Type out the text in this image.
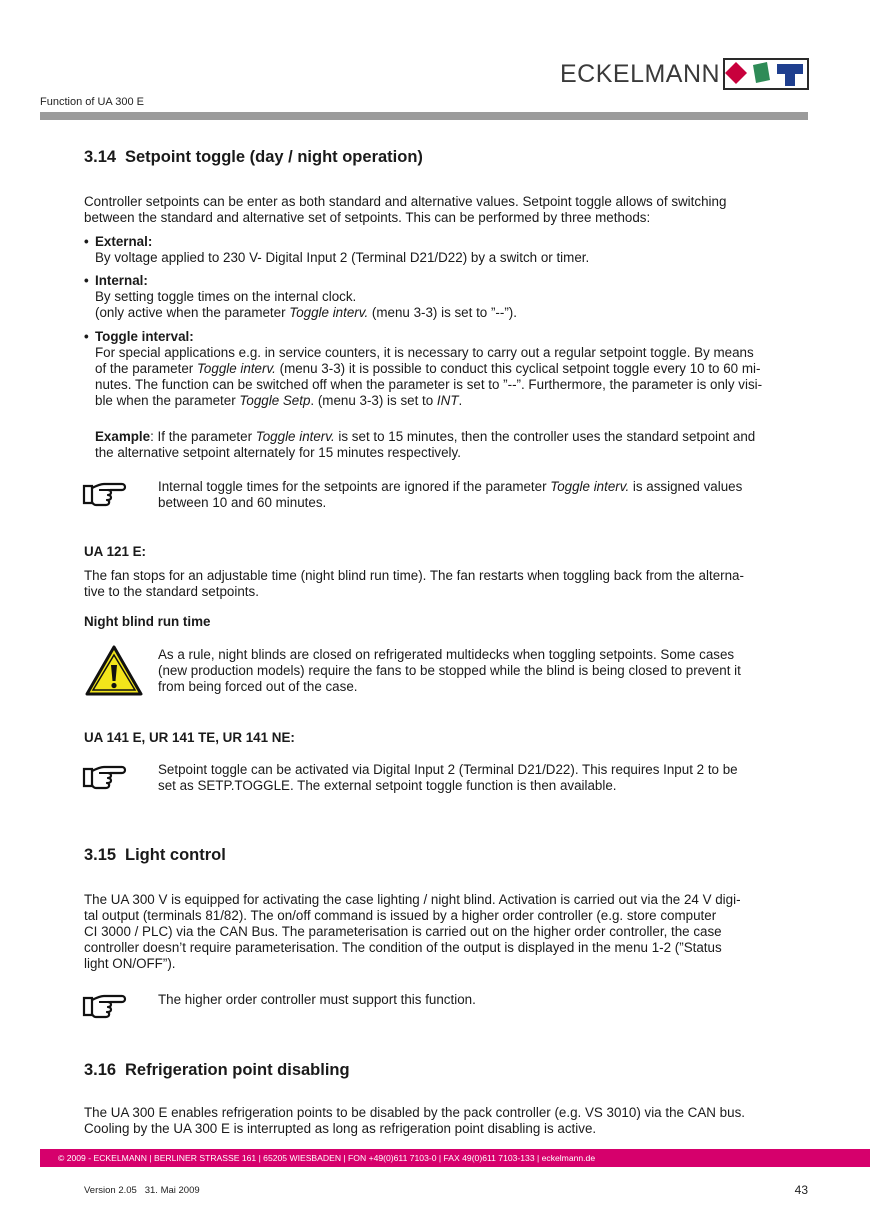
ECKELMANN
Function of UA 300 E
3.14 Setpoint toggle (day / night operation)
Controller setpoints can be enter as both standard and alternative values. Setpoint toggle allows of switching
between the standard and alternative set of setpoints. This can be performed by three methods:
• External:
By voltage applied to 230 V- Digital Input 2 (Terminal D21/D22) by a switch or timer.
• Internal:
By setting toggle times on the internal clock.
(only active when the parameter Toggle interv. (menu 3-3) is set to ”--”).
• Toggle interval:
For special applications e.g. in service counters, it is necessary to carry out a regular setpoint toggle. By means
of the parameter Toggle interv. (menu 3-3) it is possible to conduct this cyclical setpoint toggle every 10 to 60 mi-
nutes. The function can be switched off when the parameter is set to ”--”. Furthermore, the parameter is only visi-
ble when the parameter Toggle Setp. (menu 3-3) is set to INT.
Example: If the parameter Toggle interv. is set to 15 minutes, then the controller uses the standard setpoint and
the alternative setpoint alternately for 15 minutes respectively.
Internal toggle times for the setpoints are ignored if the parameter Toggle interv. is assigned values
between 10 and 60 minutes.
UA 121 E:
The fan stops for an adjustable time (night blind run time). The fan restarts when toggling back from the alterna-
tive to the standard setpoints.
Night blind run time
As a rule, night blinds are closed on refrigerated multidecks when toggling setpoints. Some cases
(new production models) require the fans to be stopped while the blind is being closed to prevent it
from being forced out of the case.
UA 141 E, UR 141 TE, UR 141 NE:
Setpoint toggle can be activated via Digital Input 2 (Terminal D21/D22). This requires Input 2 to be
set as SETP.TOGGLE. The external setpoint toggle function is then available.
3.15 Light control
The UA 300 V is equipped for activating the case lighting / night blind. Activation is carried out via the 24 V digi-
tal output (terminals 81/82). The on/off command is issued by a higher order controller (e.g. store computer
CI 3000 / PLC) via the CAN Bus. The parameterisation is carried out on the higher order controller, the case
controller doesn’t require parameterisation. The condition of the output is displayed in the menu 1-2 (”Status
light ON/OFF”).
The higher order controller must support this function.
3.16 Refrigeration point disabling
The UA 300 E enables refrigeration points to be disabled by the pack controller (e.g. VS 3010) via the CAN bus.
Cooling by the UA 300 E is interrupted as long as refrigeration point disabling is active.
© 2009 - ECKELMANN | BERLINER STRASSE 161 | 65205 WIESBADEN | FON +49(0)611 7103-0 | FAX 49(0)611 7103-133 | eckelmann.de
Version 2.05   31. Mai 2009	43
